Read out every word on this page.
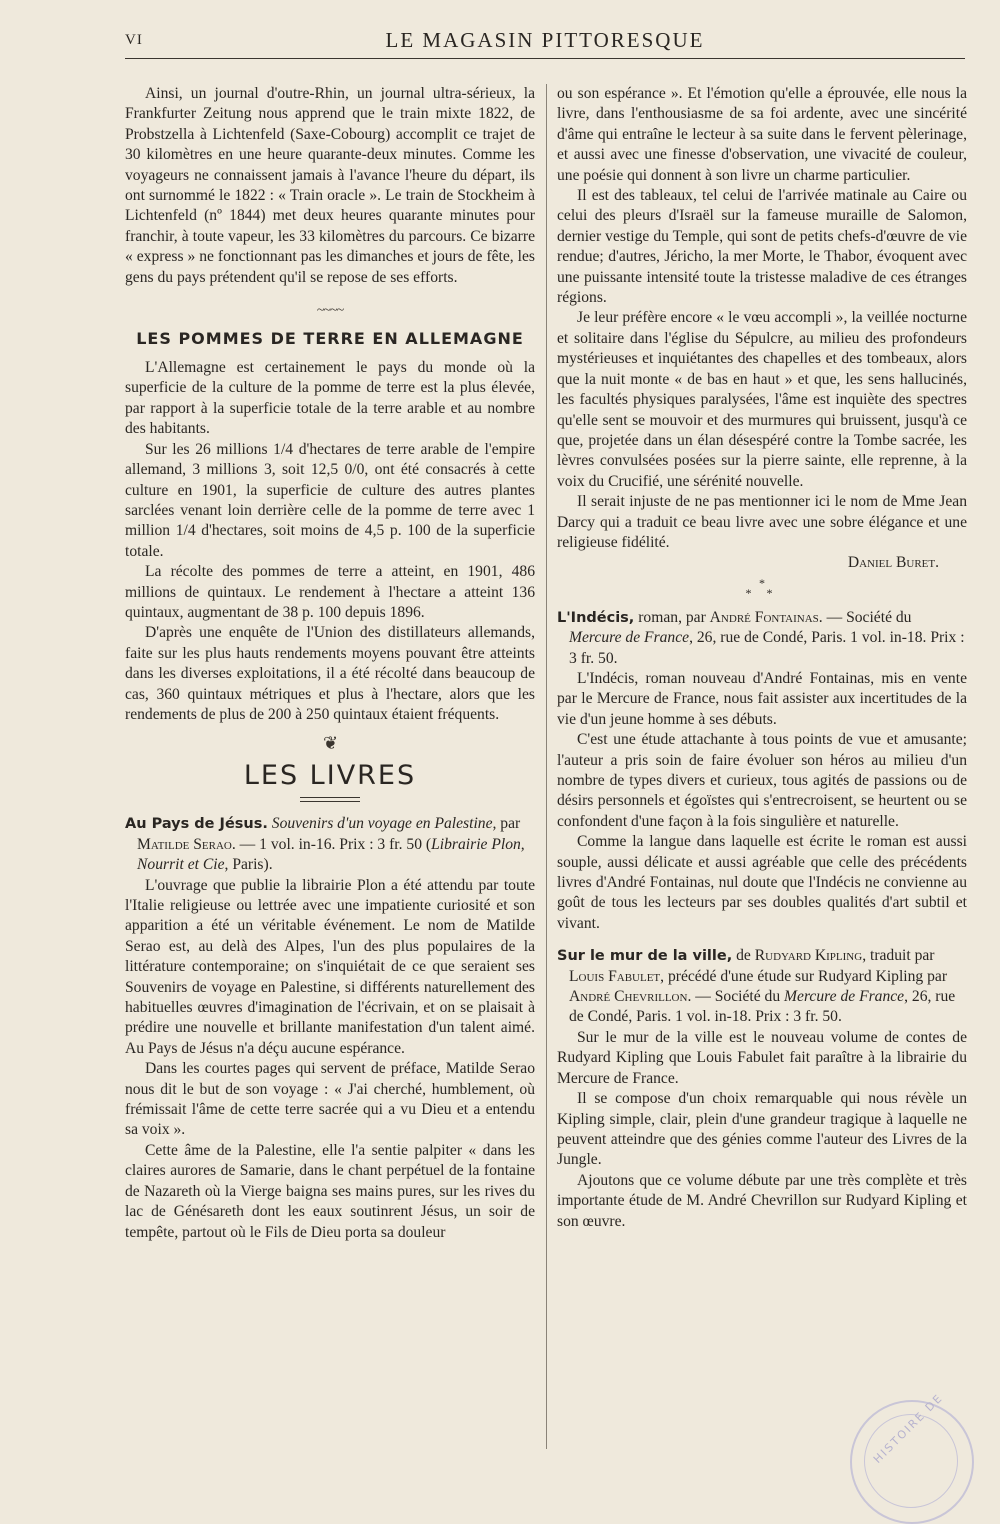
VI	LE MAGASIN PITTORESQUE

Ainsi, un journal d'outre-Rhin, un journal ultra-sérieux, la Frankfurter Zeitung nous apprend que le train mixte 1822, de Probstzella à Lichtenfeld (Saxe-Cobourg) accomplit ce trajet de 30 kilomètres en une heure quarante-deux minutes. Comme les voyageurs ne connaissent jamais à l'avance l'heure du départ, ils ont surnommé le 1822 : « Train oracle ». Le train de Stockheim à Lichtenfeld (nº 1844) met deux heures quarante minutes pour franchir, à toute vapeur, les 33 kilomètres du parcours. Ce bizarre « express » ne fonctionnant pas les dimanches et jours de fête, les gens du pays prétendent qu'il se repose de ses efforts.

~~~~
LES POMMES DE TERRE EN ALLEMAGNE

L'Allemagne est certainement le pays du monde où la superficie de la culture de la pomme de terre est la plus élevée, par rapport à la superficie totale de la terre arable et au nombre des habitants.

Sur les 26 millions 1/4 d'hectares de terre arable de l'empire allemand, 3 millions 3, soit 12,5 0/0, ont été consacrés à cette culture en 1901, la superficie de culture des autres plantes sarclées venant loin derrière celle de la pomme de terre avec 1 million 1/4 d'hectares, soit moins de 4,5 p. 100 de la superficie totale.

La récolte des pommes de terre a atteint, en 1901, 486 millions de quintaux. Le rendement à l'hectare a atteint 136 quintaux, augmentant de 38 p. 100 depuis 1896.

D'après une enquête de l'Union des distillateurs allemands, faite sur les plus hauts rendements moyens pouvant être atteints dans les diverses exploitations, il a été récolté dans beaucoup de cas, 360 quintaux métriques et plus à l'hectare, alors que les rendements de plus de 200 à 250 quintaux étaient fréquents.

❦
LES LIVRES

Au Pays de Jésus. Souvenirs d'un voyage en Palestine, par Matilde Serao. — 1 vol. in-16. Prix : 3 fr. 50 (Librairie Plon, Nourrit et Cie, Paris).

L'ouvrage que publie la librairie Plon a été attendu par toute l'Italie religieuse ou lettrée avec une impatiente curiosité et son apparition a été un véritable événement. Le nom de Matilde Serao est, au delà des Alpes, l'un des plus populaires de la littérature contemporaine; on s'inquiétait de ce que seraient ses Souvenirs de voyage en Palestine, si différents naturellement des habituelles œuvres d'imagination de l'écrivain, et on se plaisait à prédire une nouvelle et brillante manifestation d'un talent aimé. Au Pays de Jésus n'a déçu aucune espérance.

Dans les courtes pages qui servent de préface, Matilde Serao nous dit le but de son voyage : « J'ai cherché, humblement, où frémissait l'âme de cette terre sacrée qui a vu Dieu et a entendu sa voix ».

Cette âme de la Palestine, elle l'a sentie palpiter « dans les claires aurores de Samarie, dans le chant perpétuel de la fontaine de Nazareth où la Vierge baigna ses mains pures, sur les rives du lac de Génésareth dont les eaux soutinrent Jésus, un soir de tempête, partout où le Fils de Dieu porta sa douleur

ou son espérance ». Et l'émotion qu'elle a éprouvée, elle nous la livre, dans l'enthousiasme de sa foi ardente, avec une sincérité d'âme qui entraîne le lecteur à sa suite dans le fervent pèlerinage, et aussi avec une finesse d'observation, une vivacité de couleur, une poésie qui donnent à son livre un charme particulier.

Il est des tableaux, tel celui de l'arrivée matinale au Caire ou celui des pleurs d'Israël sur la fameuse muraille de Salomon, dernier vestige du Temple, qui sont de petits chefs-d'œuvre de vie rendue; d'autres, Jéricho, la mer Morte, le Thabor, évoquent avec une puissante intensité toute la tristesse maladive de ces étranges régions.

Je leur préfère encore « le vœu accompli », la veillée nocturne et solitaire dans l'église du Sépulcre, au milieu des profondeurs mystérieuses et inquiétantes des chapelles et des tombeaux, alors que la nuit monte « de bas en haut » et que, les sens hallucinés, les facultés physiques paralysées, l'âme est inquiète des spectres qu'elle sent se mouvoir et des murmures qui bruissent, jusqu'à ce que, projetée dans un élan désespéré contre la Tombe sacrée, les lèvres convulsées posées sur la pierre sainte, elle reprenne, à la voix du Crucifié, une sérénité nouvelle.

Il serait injuste de ne pas mentionner ici le nom de Mme Jean Darcy qui a traduit ce beau livre avec une sobre élégance et une religieuse fidélité.

Daniel Buret.

*
* *

L'Indécis, roman, par André Fontainas. — Société du Mercure de France, 26, rue de Condé, Paris. 1 vol. in-18. Prix : 3 fr. 50.

L'Indécis, roman nouveau d'André Fontainas, mis en vente par le Mercure de France, nous fait assister aux incertitudes de la vie d'un jeune homme à ses débuts.

C'est une étude attachante à tous points de vue et amusante; l'auteur a pris soin de faire évoluer son héros au milieu d'un nombre de types divers et curieux, tous agités de passions ou de désirs personnels et égoïstes qui s'entrecroisent, se heurtent ou se confondent d'une façon à la fois singulière et naturelle.

Comme la langue dans laquelle est écrite le roman est aussi souple, aussi délicate et aussi agréable que celle des précédents livres d'André Fontainas, nul doute que l'Indécis ne convienne au goût de tous les lecteurs par ses doubles qualités d'art subtil et vivant.

Sur le mur de la ville, de Rudyard Kipling, traduit par Louis Fabulet, précédé d'une étude sur Rudyard Kipling par André Chevrillon. — Société du Mercure de France, 26, rue de Condé, Paris. 1 vol. in-18. Prix : 3 fr. 50.

Sur le mur de la ville est le nouveau volume de contes de Rudyard Kipling que Louis Fabulet fait paraître à la librairie du Mercure de France.

Il se compose d'un choix remarquable qui nous révèle un Kipling simple, clair, plein d'une grandeur tragique à laquelle ne peuvent atteindre que des génies comme l'auteur des Livres de la Jungle.

Ajoutons que ce volume débute par une très complète et très importante étude de M. André Chevrillon sur Rudyard Kipling et son œuvre.

HISTOIRE DE
